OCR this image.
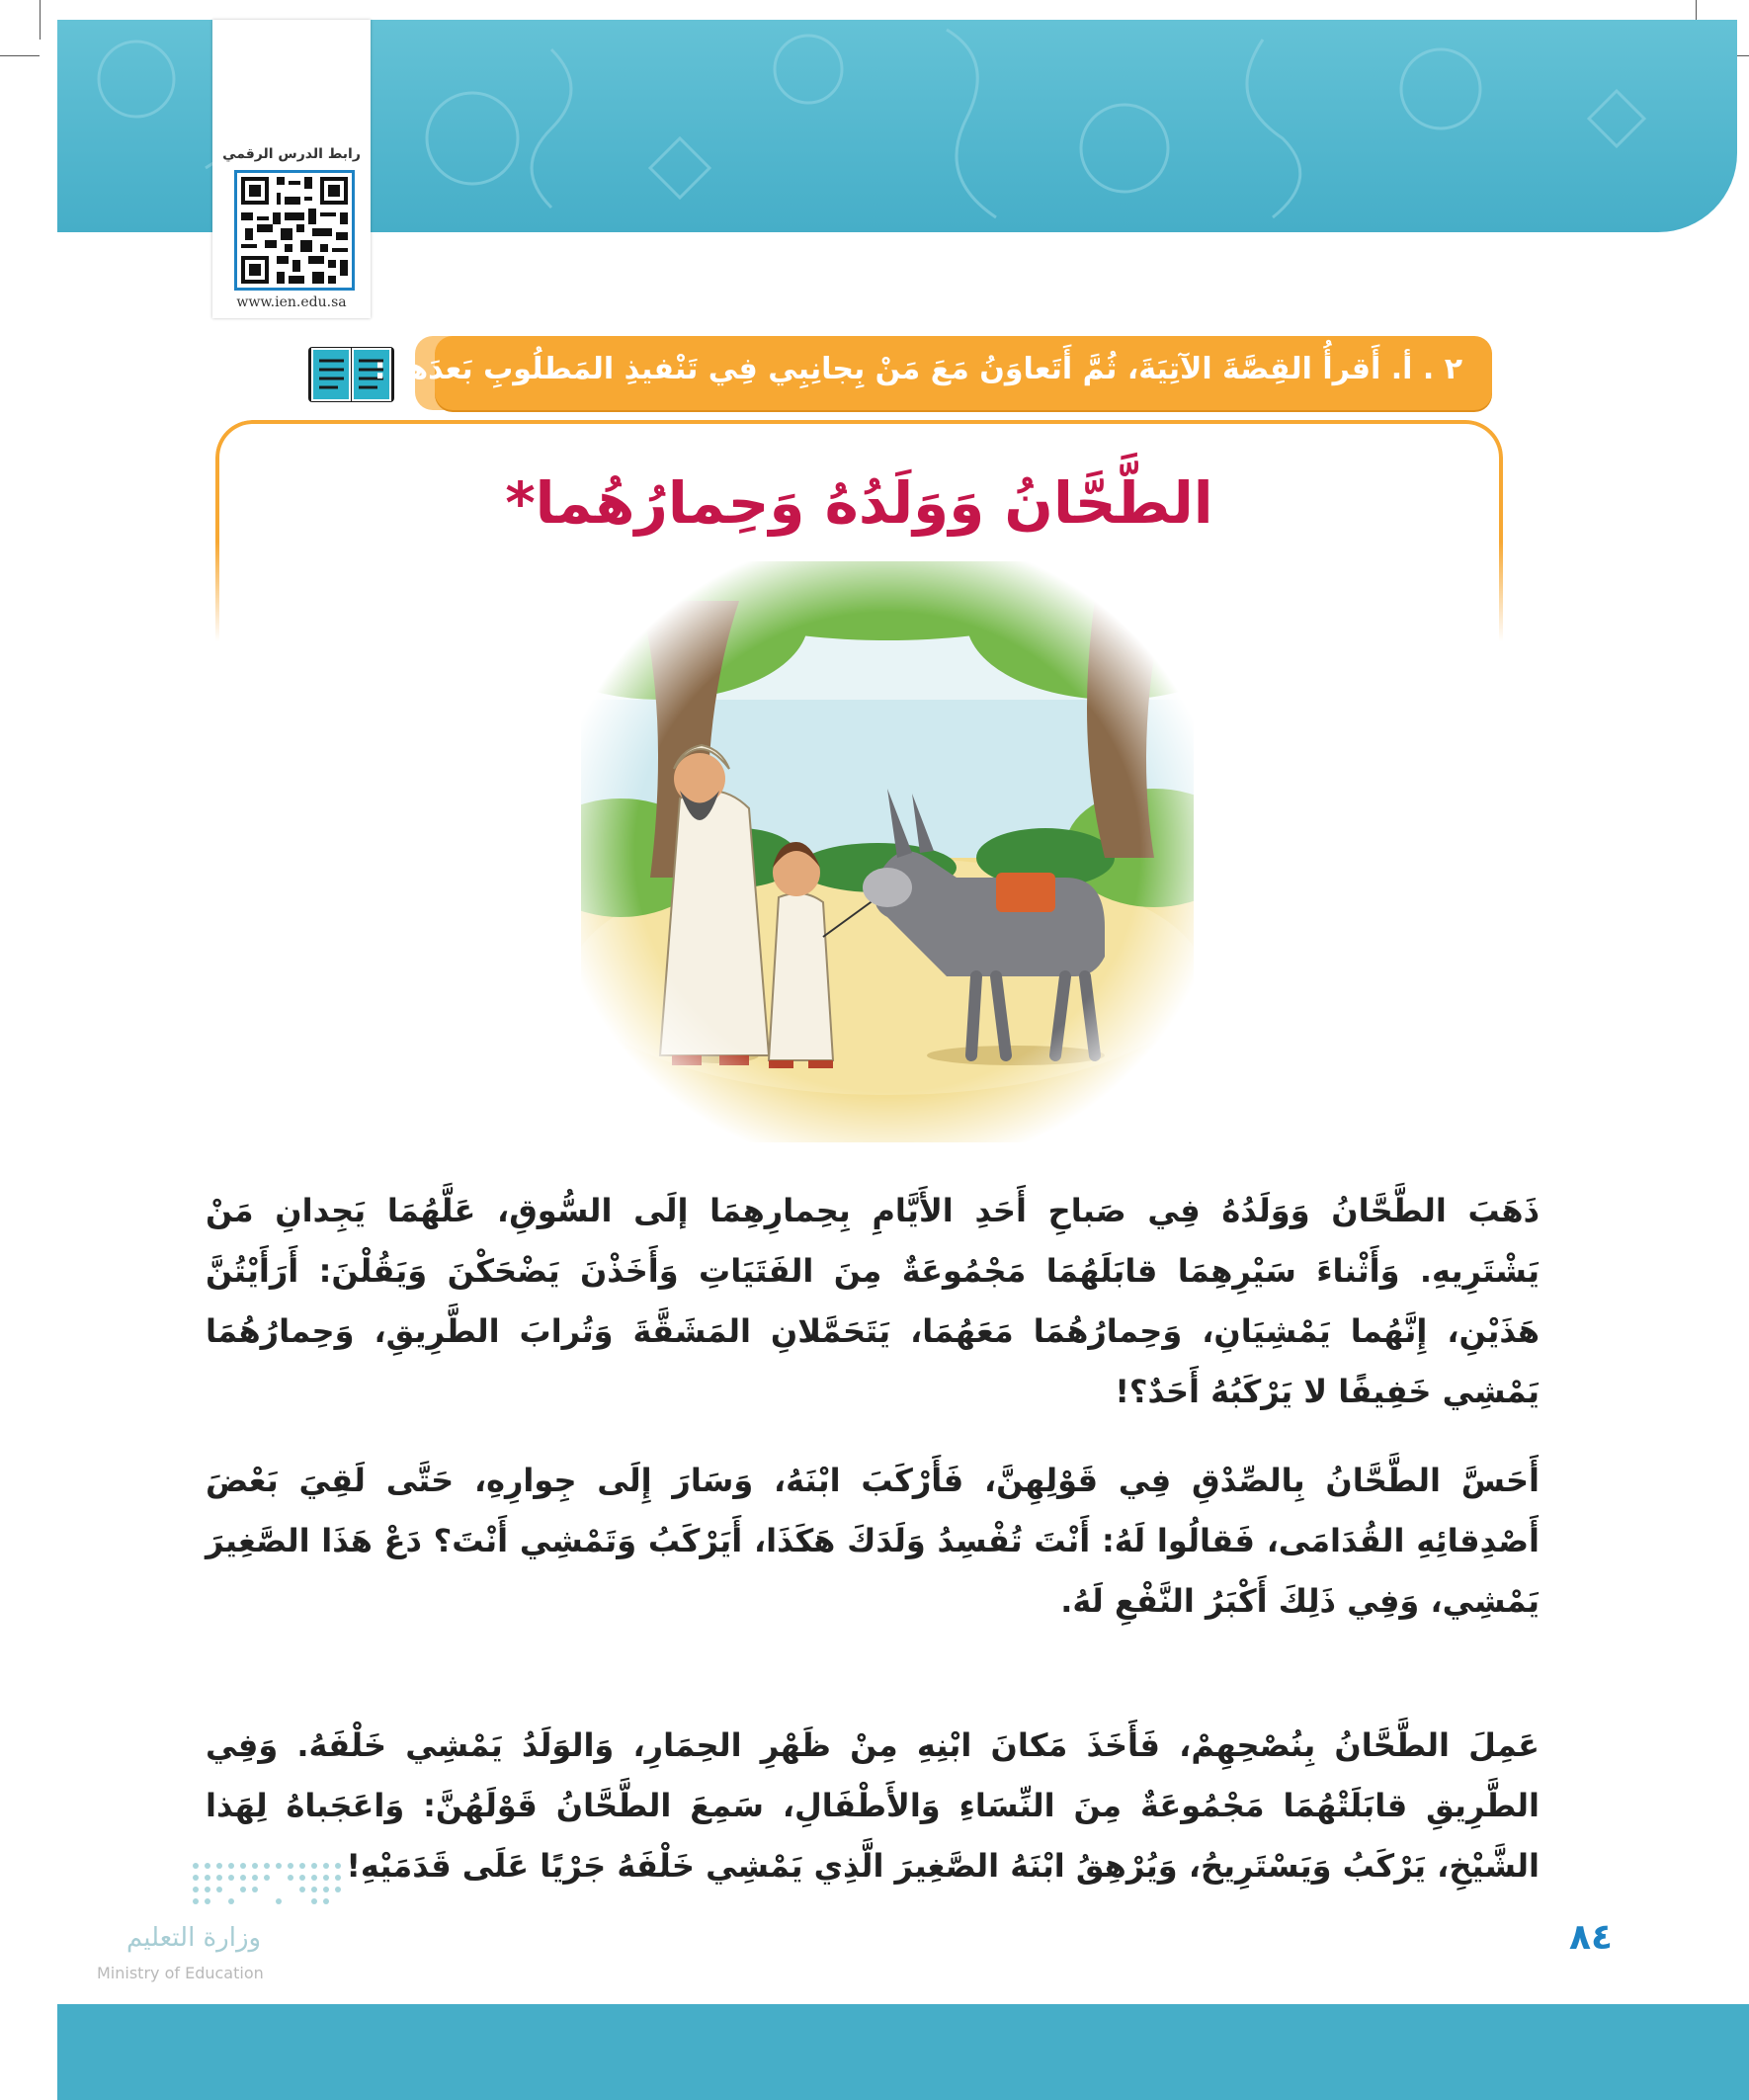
رابط الدرس الرقمي
www.ien.edu.sa
٢ . أ. أَقرأُ القِصَّةَ الآتِيَةَ، ثُمَّ أَتَعاوَنُ مَعَ مَنْ بِجانِبِي فِي تَنْفيذِ المَطلُوبِ بَعدَها :
الطَّحَّانُ وَوَلَدُهُ وَحِمارُهُما*
ذَهَبَ الطَّحَّانُ وَوَلَدُهُ فِي صَباحِ أَحَدِ الأَيَّامِ بِحِمارِهِمَا إلَى السُّوقِ، عَلَّهُمَا يَجِدانِ مَنْ يَشْتَرِيهِ. وَأَثْناءَ سَيْرِهِمَا قابَلَهُمَا مَجْمُوعَةٌ مِنَ الفَتَيَاتِ وَأَخَذْنَ يَضْحَكْنَ وَيَقُلْنَ: أَرَأَيْتُنَّ هَذَيْنِ، إِنَّهُما يَمْشِيَانِ، وَحِمارُهُمَا مَعَهُمَا، يَتَحَمَّلانِ المَشَقَّةَ وَتُرابَ الطَّرِيقِ، وَحِمارُهُمَا يَمْشِي خَفِيفًا لا يَرْكَبُهُ أَحَدٌ؟!
أَحَسَّ الطَّحَّانُ بِالصِّدْقِ فِي قَوْلِهِنَّ، فَأَرْكَبَ ابْنَهُ، وَسَارَ إِلَى جِوارِهِ، حَتَّى لَقِيَ بَعْضَ أَصْدِقائِهِ القُدَامَى، فَقالُوا لَهُ: أَنْتَ تُفْسِدُ وَلَدَكَ هَكَذَا، أَيَرْكَبُ وَتَمْشِي أَنْتَ؟ دَعْ هَذَا الصَّغِيرَ يَمْشِي، وَفِي ذَلِكَ أَكْبَرُ النَّفْعِ لَهُ.
عَمِلَ الطَّحَّانُ بِنُصْحِهِمْ، فَأَخَذَ مَكانَ ابْنِهِ مِنْ ظَهْرِ الحِمَارِ، وَالوَلَدُ يَمْشِي خَلْفَهُ. وَفِي الطَّرِيقِ قابَلَتْهُمَا مَجْمُوعَةٌ مِنَ النِّسَاءِ وَالأَطْفَالِ، سَمِعَ الطَّحَّانُ قَوْلَهُنَّ: وَاعَجَباهُ لِهَذا الشَّيْخِ، يَرْكَبُ وَيَسْتَرِيحُ، وَيُرْهِقُ ابْنَهُ الصَّغِيرَ الَّذِي يَمْشِي خَلْفَهُ جَرْيًا عَلَى قَدَمَيْهِ!
وزارة التعليم
Ministry of Education
٨٤
